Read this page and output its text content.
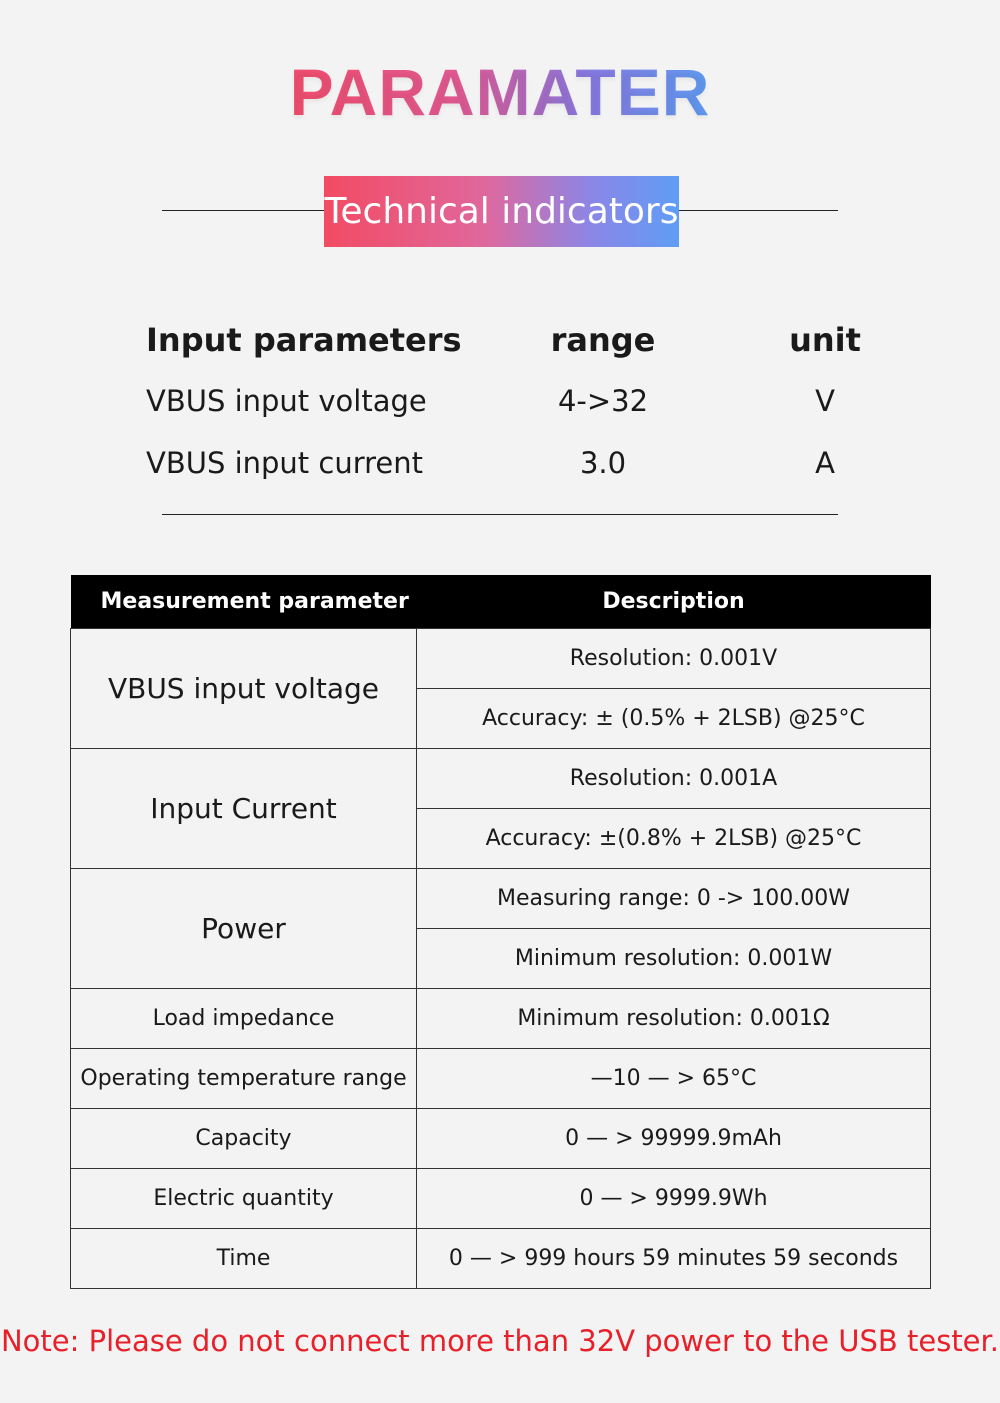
PARAMATER
Technical indicators
Input parameters	range	unit
VBUS input voltage	4->32	V
VBUS input current	3.0	A
Measurement parameter	Description
VBUS input voltage	Resolution: 0.001V
	Accuracy: ± (0.5% + 2LSB) @25°C
Input Current	Resolution: 0.001A
	Accuracy: ±(0.8% + 2LSB) @25°C
Power	Measuring range: 0 -> 100.00W
	Minimum resolution: 0.001W
Load impedance	Minimum resolution: 0.001Ω
Operating temperature range	—10 — > 65°C
Capacity	0 — > 99999.9mAh
Electric quantity	0 — > 9999.9Wh
Time	0 — > 999 hours 59 minutes 59 seconds
Note: Please do not connect more than 32V power to the USB tester.
